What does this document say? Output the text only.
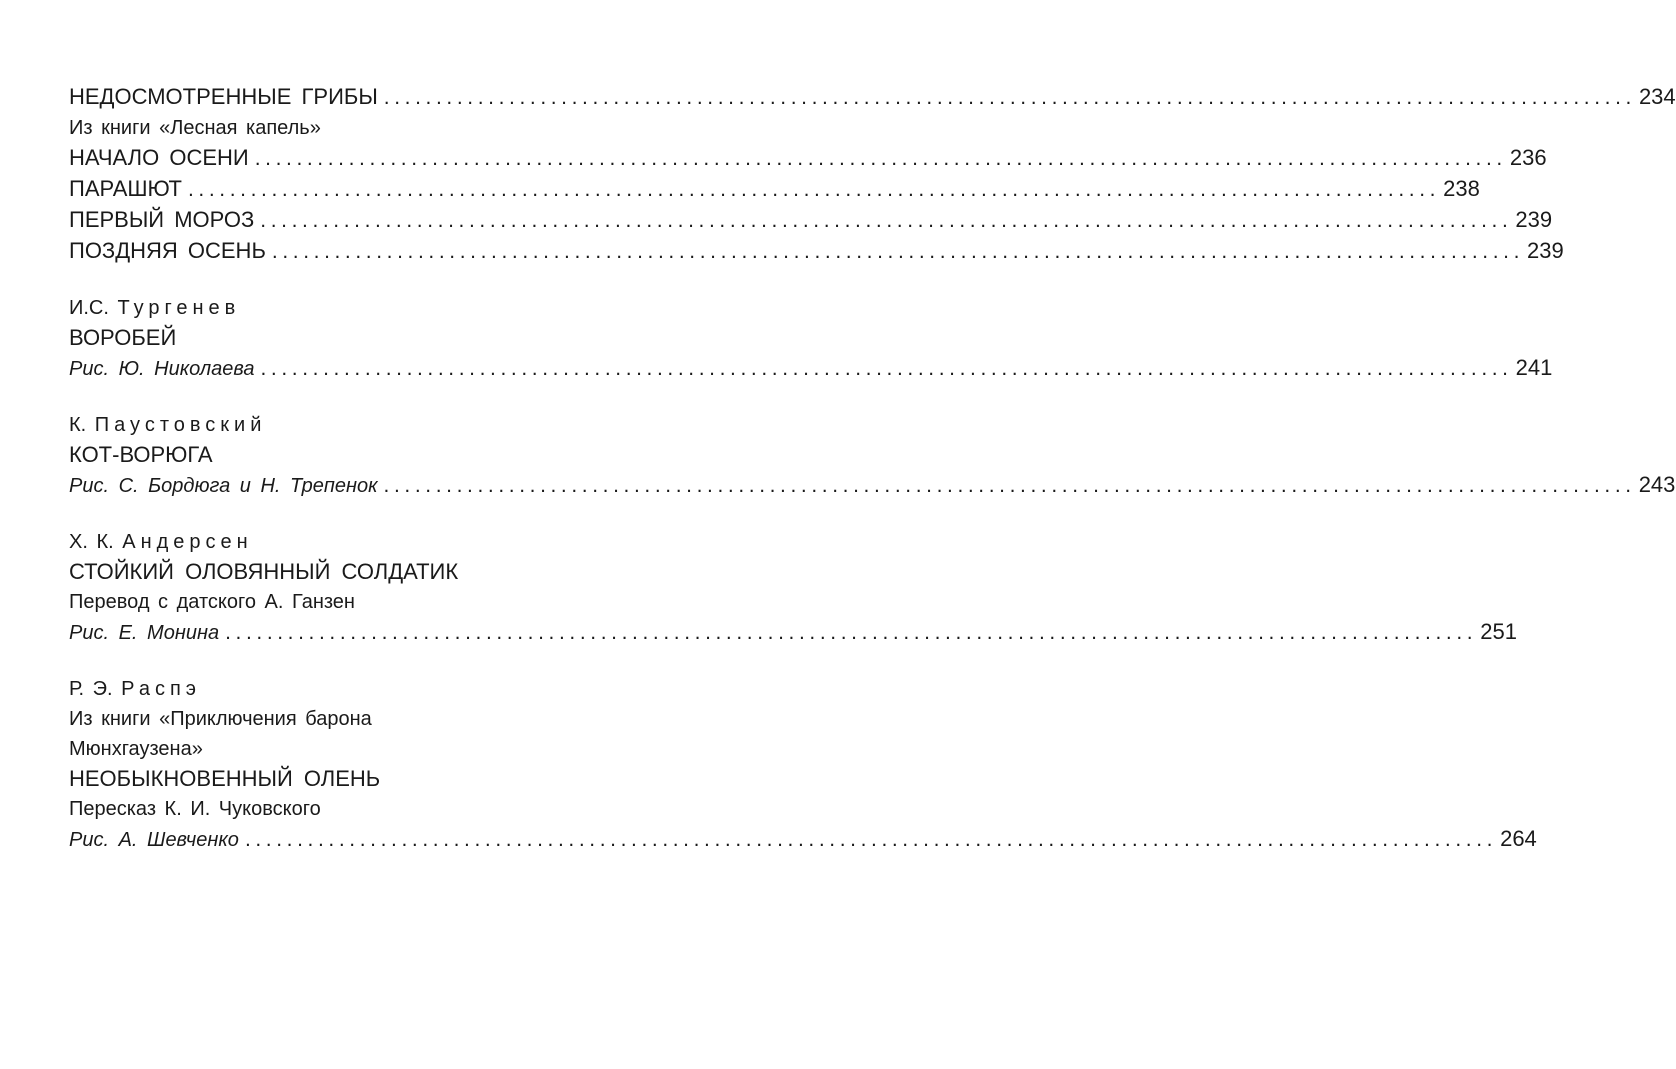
НЕДОСМОТРЕННЫЕ ГРИБЫ ........................................................................................................................ 234
Из книги «Лесная капель»
НАЧАЛО ОСЕНИ ........................................................................................................................ 236
ПАРАШЮТ ........................................................................................................................ 238
ПЕРВЫЙ МОРОЗ ........................................................................................................................ 239
ПОЗДНЯЯ ОСЕНЬ ........................................................................................................................ 239
И.С. Тургенев
ВОРОБЕЙ
Рис. Ю. Николаева ........................................................................................................................ 241
К. Паустовский
КОТ-ВОРЮГА
Рис. С. Бордюга и Н. Трепенок ........................................................................................................................ 243
Х. К. Андерсен
СТОЙКИЙ ОЛОВЯННЫЙ СОЛДАТИК
Перевод с датского А. Ганзен
Рис. Е. Монина ........................................................................................................................ 251
Р. Э. Распэ
Из книги «Приключения барона
Мюнхгаузена»
НЕОБЫКНОВЕННЫЙ ОЛЕНЬ
Пересказ К. И. Чуковского
Рис. А. Шевченко ........................................................................................................................ 264
